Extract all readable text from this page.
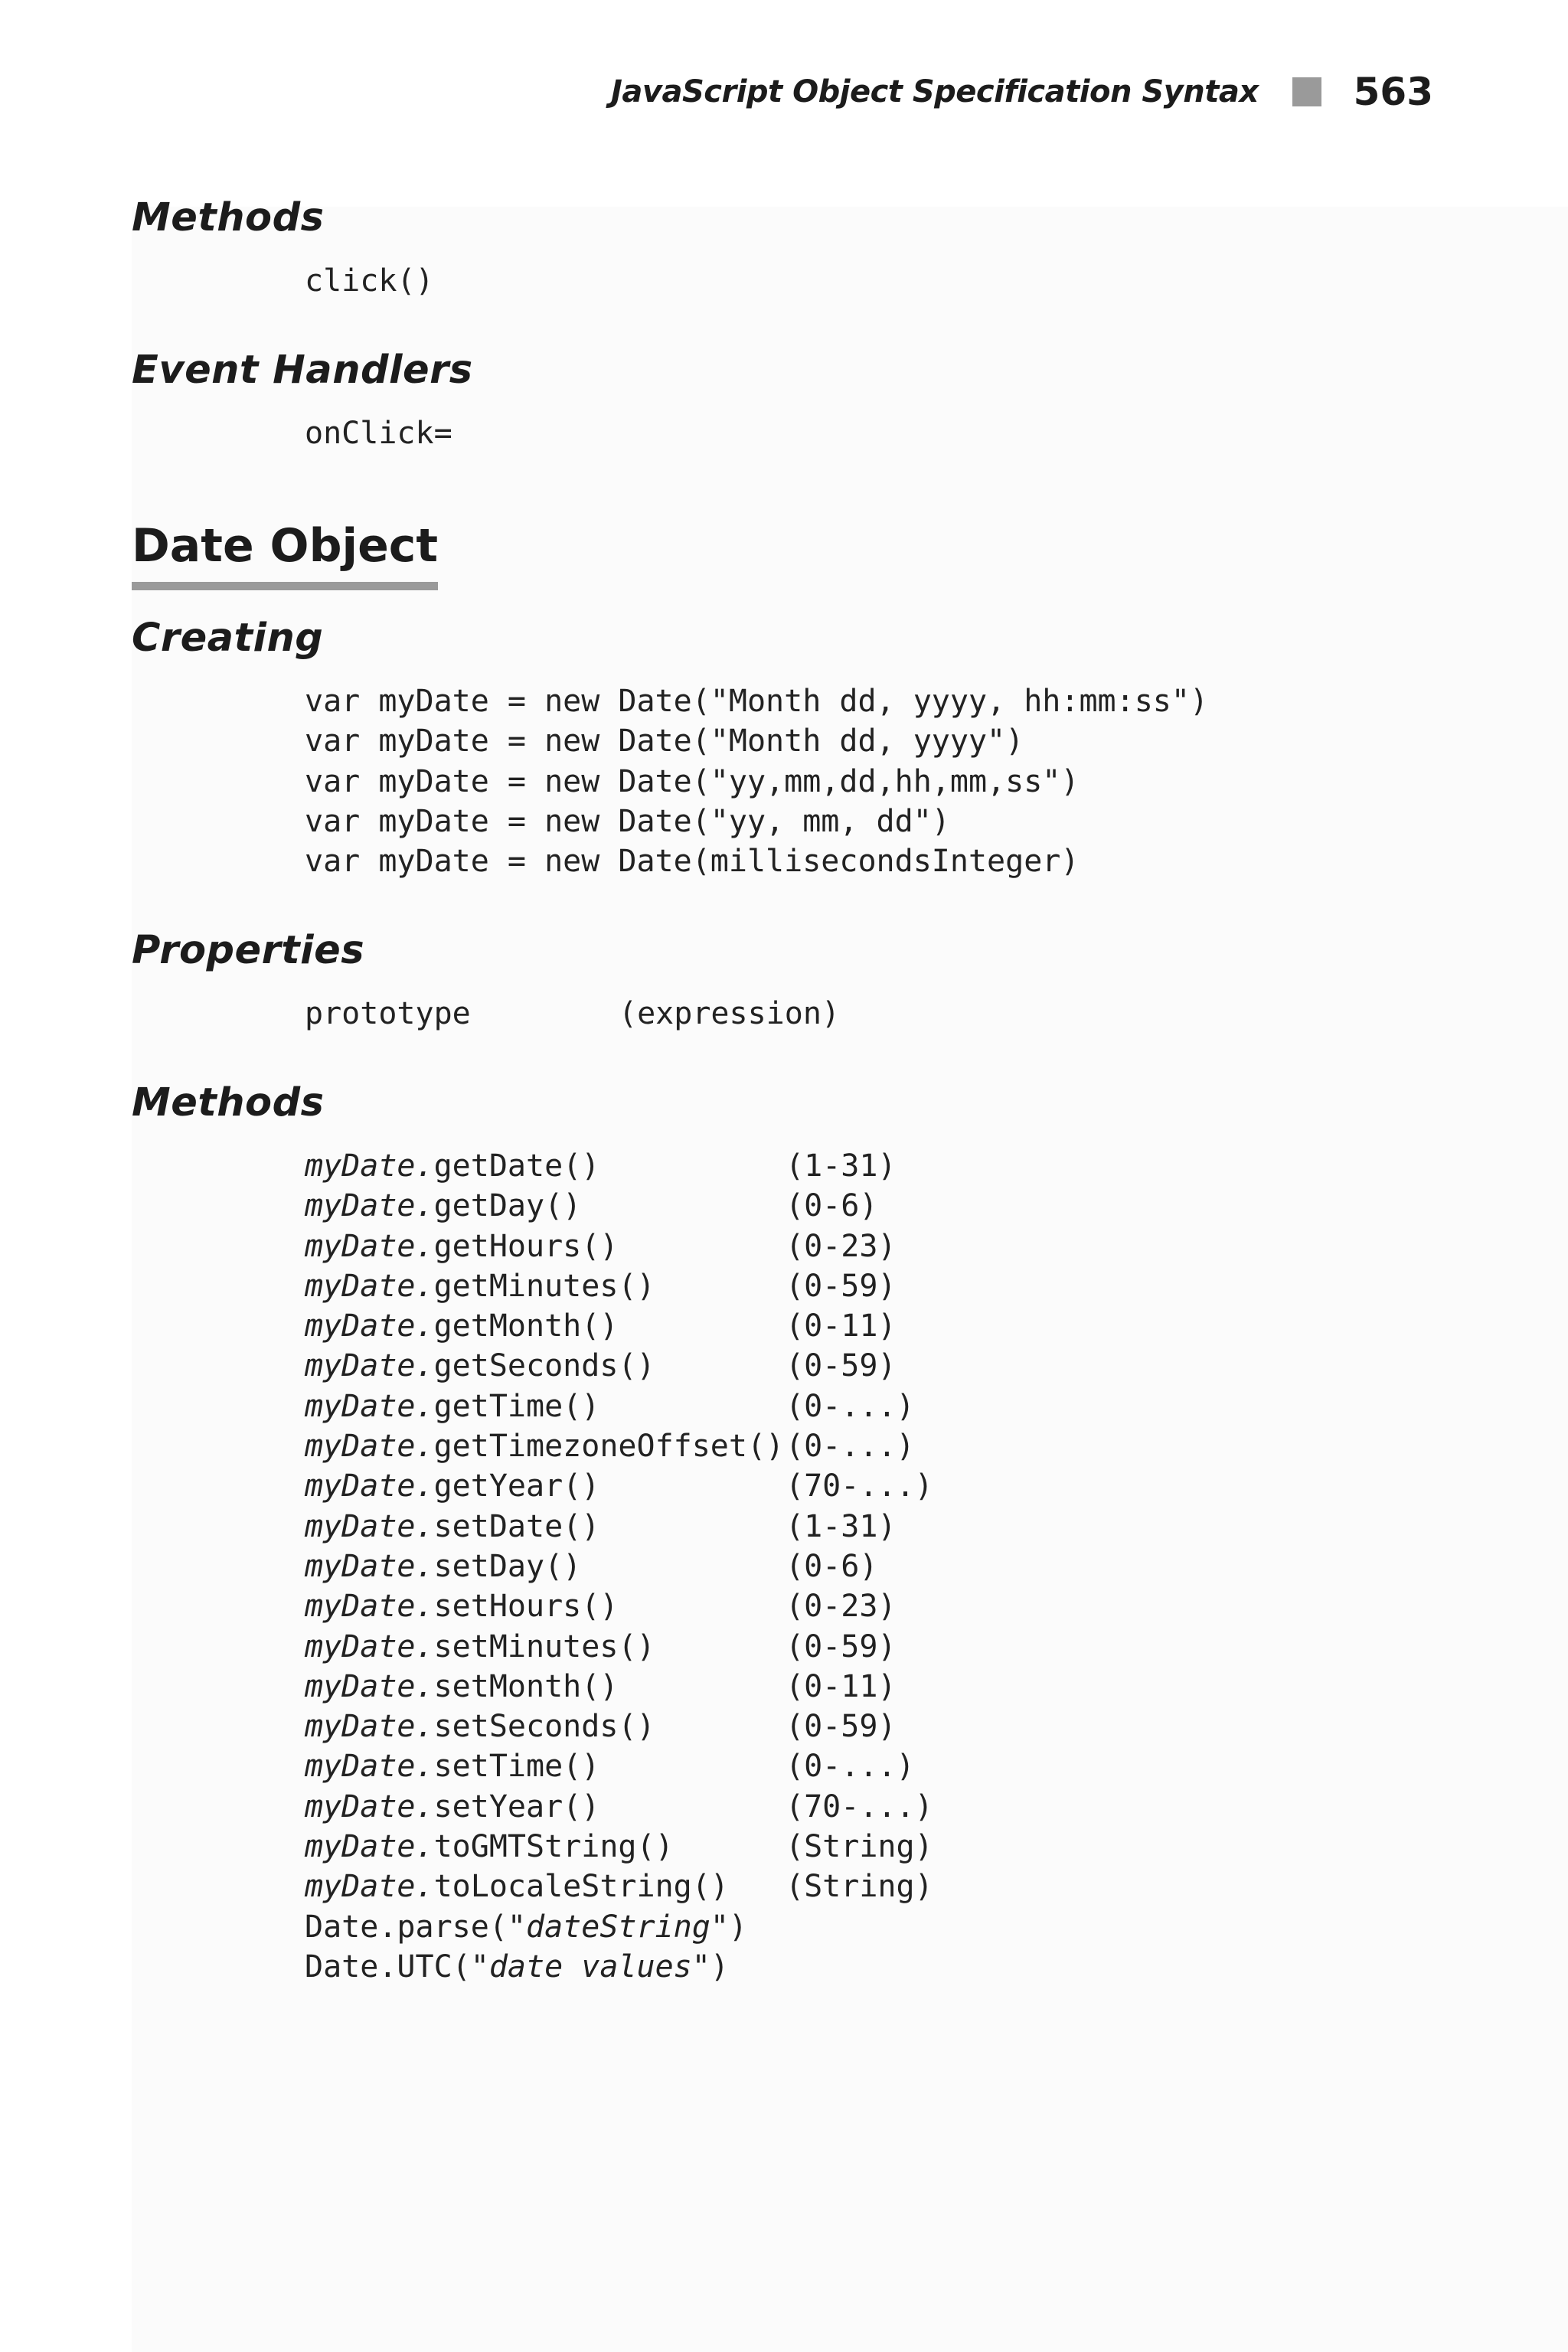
JavaScript Object Specification Syntax 563
Methods
click()
Event Handlers
onClick=
Date Object
Creating
var myDate = new Date("Month dd, yyyy, hh:mm:ss")
var myDate = new Date("Month dd, yyyy")
var myDate = new Date("yy,mm,dd,hh,mm,ss")
var myDate = new Date("yy, mm, dd")
var myDate = new Date(millisecondsInteger)
Properties
prototype	(expression)
Methods
myDate.getDate()	(1-31)
myDate.getDay()	(0-6)
myDate.getHours()	(0-23)
myDate.getMinutes()	(0-59)
myDate.getMonth()	(0-11)
myDate.getSeconds()	(0-59)
myDate.getTime()	(0-...)
myDate.getTimezoneOffset() (0-...)
myDate.getYear()	(70-...)
myDate.setDate()	(1-31)
myDate.setDay()	(0-6)
myDate.setHours()	(0-23)
myDate.setMinutes()	(0-59)
myDate.setMonth()	(0-11)
myDate.setSeconds()	(0-59)
myDate.setTime()	(0-...)
myDate.setYear()	(70-...)
myDate.toGMTString()	(String)
myDate.toLocaleString() (String)
Date.parse("dateString")
Date.UTC("date values")
